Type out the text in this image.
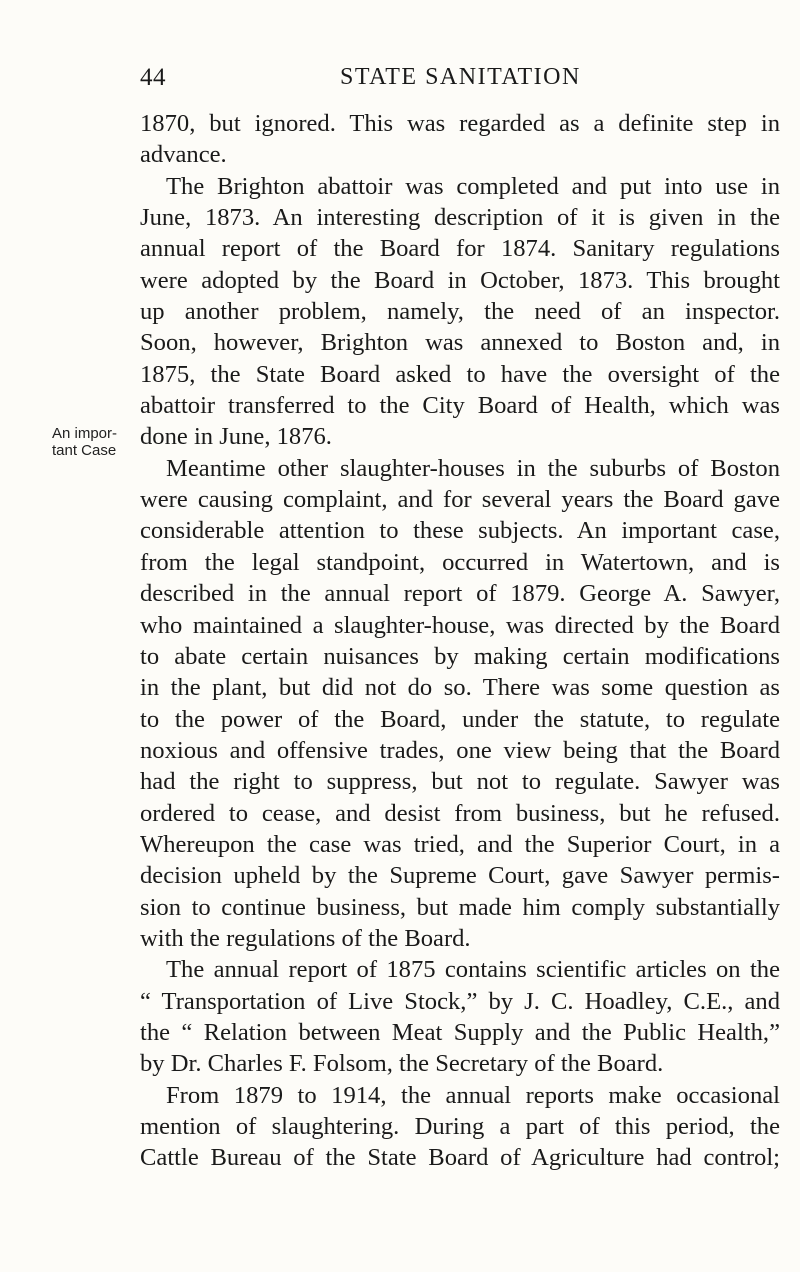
44	STATE SANITATION
An impor-
tant Case
1870, but ignored. This was regarded as a definite step in
advance.
The Brighton abattoir was completed and put into use in
June, 1873. An interesting description of it is given in the
annual report of the Board for 1874. Sanitary regulations
were adopted by the Board in October, 1873. This brought
up another problem, namely, the need of an inspector.
Soon, however, Brighton was annexed to Boston and, in
1875, the State Board asked to have the oversight of the
abattoir transferred to the City Board of Health, which was
done in June, 1876.
Meantime other slaughter-houses in the suburbs of Boston
were causing complaint, and for several years the Board gave
considerable attention to these subjects. An important case,
from the legal standpoint, occurred in Watertown, and is
described in the annual report of 1879. George A. Sawyer,
who maintained a slaughter-house, was directed by the Board
to abate certain nuisances by making certain modifications
in the plant, but did not do so. There was some question as
to the power of the Board, under the statute, to regulate
noxious and offensive trades, one view being that the Board
had the right to suppress, but not to regulate. Sawyer was
ordered to cease, and desist from business, but he refused.
Whereupon the case was tried, and the Superior Court, in a
decision upheld by the Supreme Court, gave Sawyer permis-
sion to continue business, but made him comply substantially
with the regulations of the Board.
The annual report of 1875 contains scientific articles on the
“ Transportation of Live Stock,” by J. C. Hoadley, C.E., and
the “ Relation between Meat Supply and the Public Health,”
by Dr. Charles F. Folsom, the Secretary of the Board.
From 1879 to 1914, the annual reports make occasional
mention of slaughtering. During a part of this period, the
Cattle Bureau of the State Board of Agriculture had control;
